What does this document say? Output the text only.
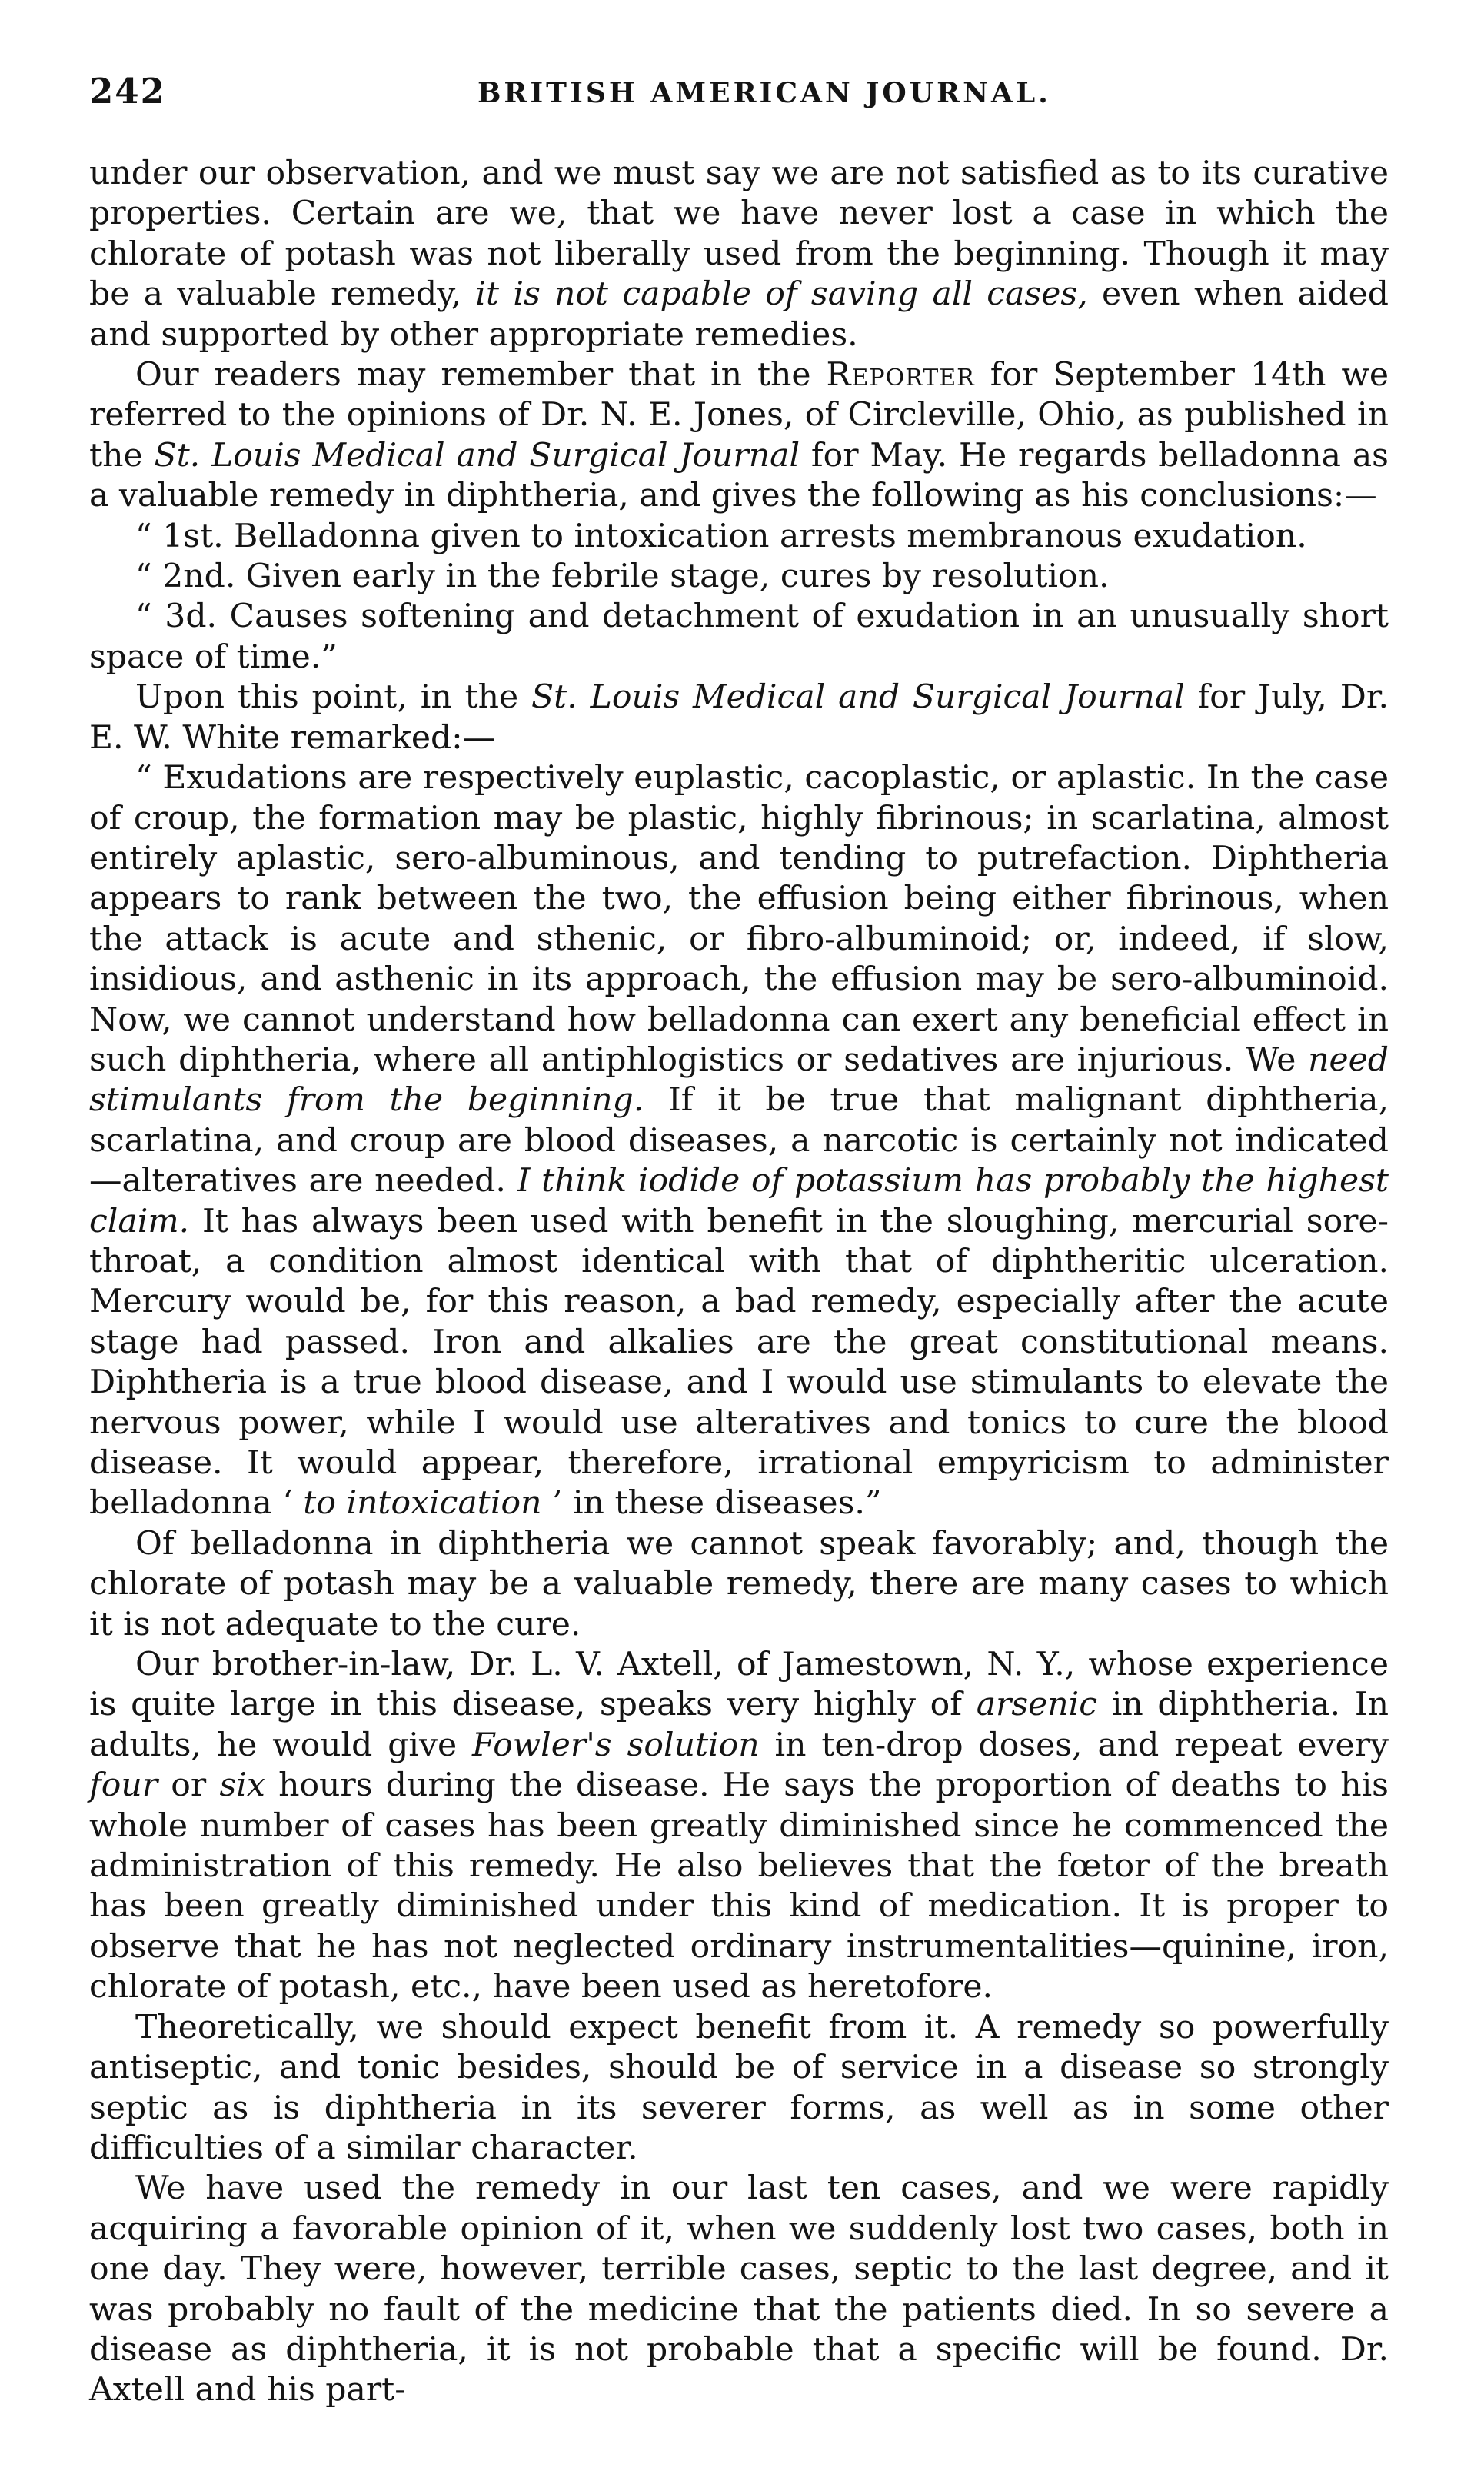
242	BRITISH AMERICAN JOURNAL.

under our observation, and we must say we are not satisfied as to its curative properties. Certain are we, that we have never lost a case in which the chlorate of potash was not liberally used from the beginning. Though it may be a valuable remedy, it is not capable of saving all cases, even when aided and supported by other appropriate remedies.

Our readers may remember that in the Reporter for September 14th we referred to the opinions of Dr. N. E. Jones, of Circleville, Ohio, as published in the St. Louis Medical and Surgical Journal for May. He regards belladonna as a valuable remedy in diphtheria, and gives the following as his conclusions:—

“ 1st. Belladonna given to intoxication arrests membranous exudation.

“ 2nd. Given early in the febrile stage, cures by resolution.

“ 3d. Causes softening and detachment of exudation in an unusually short space of time.”

Upon this point, in the St. Louis Medical and Surgical Journal for July, Dr. E. W. White remarked:—

“ Exudations are respectively euplastic, cacoplastic, or aplastic. In the case of croup, the formation may be plastic, highly fibrinous; in scarlatina, almost entirely aplastic, sero-albuminous, and tending to putrefaction. Diphtheria appears to rank between the two, the effusion being either fibrinous, when the attack is acute and sthenic, or fibro-albuminoid; or, indeed, if slow, insidious, and asthenic in its approach, the effusion may be sero-albuminoid. Now, we cannot understand how belladonna can exert any beneficial effect in such diphtheria, where all antiphlogistics or sedatives are injurious. We need stimulants from the beginning. If it be true that malignant diphtheria, scarlatina, and croup are blood diseases, a narcotic is certainly not indicated—alteratives are needed. I think iodide of potassium has probably the highest claim. It has always been used with benefit in the sloughing, mercurial sore-throat, a condition almost identical with that of diphtheritic ulceration. Mercury would be, for this reason, a bad remedy, especially after the acute stage had passed. Iron and alkalies are the great constitutional means. Diphtheria is a true blood disease, and I would use stimulants to elevate the nervous power, while I would use alteratives and tonics to cure the blood disease. It would appear, therefore, irrational empyricism to administer belladonna ‘ to intoxication ’ in these diseases.”

Of belladonna in diphtheria we cannot speak favorably; and, though the chlorate of potash may be a valuable remedy, there are many cases to which it is not adequate to the cure.

Our brother-in-law, Dr. L. V. Axtell, of Jamestown, N. Y., whose experience is quite large in this disease, speaks very highly of arsenic in diphtheria. In adults, he would give Fowler's solution in ten-drop doses, and repeat every four or six hours during the disease. He says the proportion of deaths to his whole number of cases has been greatly diminished since he commenced the administration of this remedy. He also believes that the fœtor of the breath has been greatly diminished under this kind of medication. It is proper to observe that he has not neglected ordinary instrumentalities—quinine, iron, chlorate of potash, etc., have been used as heretofore.

Theoretically, we should expect benefit from it. A remedy so powerfully antiseptic, and tonic besides, should be of service in a disease so strongly septic as is diphtheria in its severer forms, as well as in some other difficulties of a similar character.

We have used the remedy in our last ten cases, and we were rapidly acquiring a favorable opinion of it, when we suddenly lost two cases, both in one day. They were, however, terrible cases, septic to the last degree, and it was probably no fault of the medicine that the patients died. In so severe a disease as diphtheria, it is not probable that a specific will be found. Dr. Axtell and his part-
